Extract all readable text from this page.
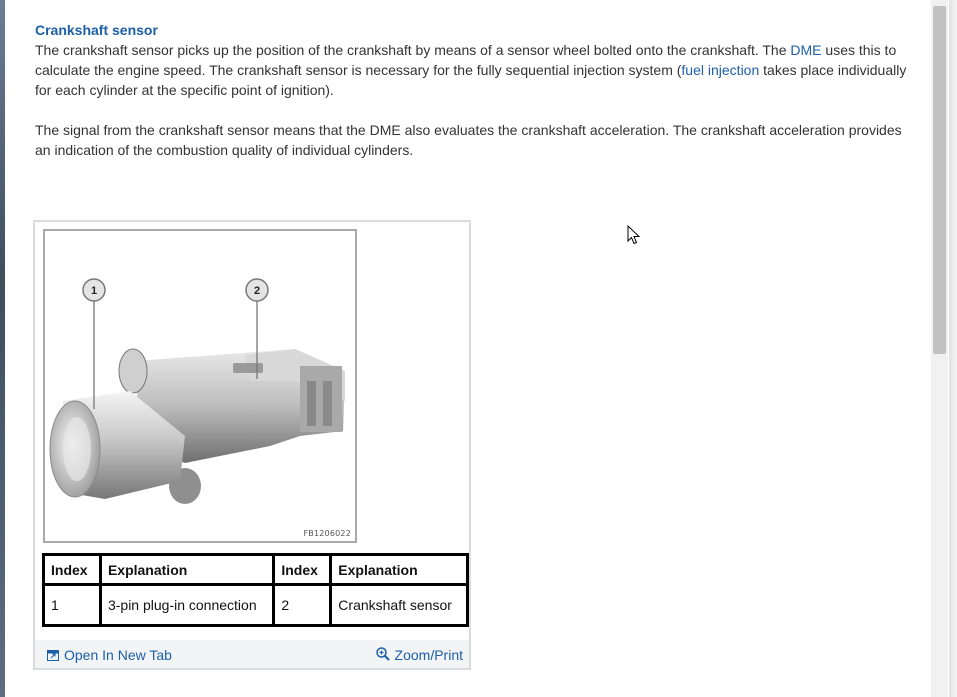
Crankshaft sensor

The crankshaft sensor picks up the position of the crankshaft by means of a sensor wheel bolted onto the crankshaft. The DME uses this to calculate the engine speed. The crankshaft sensor is necessary for the fully sequential injection system (fuel injection takes place individually for each cylinder at the specific point of ignition).

The signal from the crankshaft sensor means that the DME also evaluates the crankshaft acceleration. The crankshaft acceleration provides an indication of the combustion quality of individual cylinders.

1	2
FB1206022
Index	Explanation	Index	Explanation
1	3-pin plug-in connection	2	Crankshaft sensor
Open In New Tab	Zoom/Print
